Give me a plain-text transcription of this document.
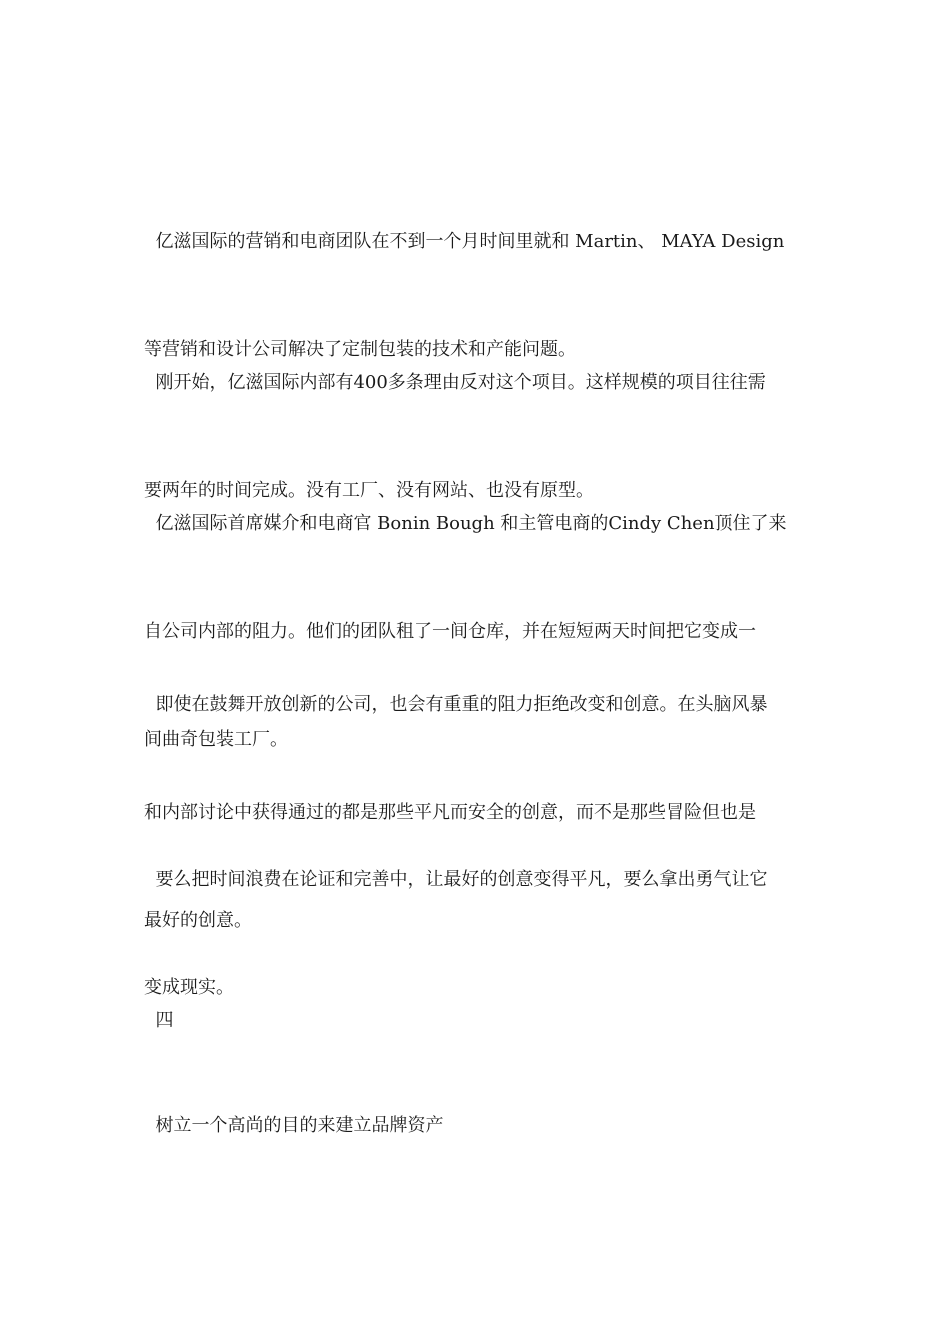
亿滋国际的营销和电商团队在不到一个月时间里就和 Martin、 MAYA Design

等营销和设计公司解决了定制包装的技术和产能问题。

刚开始，亿滋国际内部有400多条理由反对这个项目。这样规模的项目往往需

要两年的时间完成。没有工厂、没有网站、也没有原型。

亿滋国际首席媒介和电商官 Bonin Bough 和主管电商的Cindy Chen顶住了来

自公司内部的阻力。他们的团队租了一间仓库，并在短短两天时间把它变成一

间曲奇包装工厂。

即使在鼓舞开放创新的公司，也会有重重的阻力拒绝改变和创意。在头脑风暴

和内部讨论中获得通过的都是那些平凡而安全的创意，而不是那些冒险但也是

最好的创意。

要么把时间浪费在论证和完善中，让最好的创意变得平凡，要么拿出勇气让它

变成现实。

四

树立一个高尚的目的来建立品牌资产
